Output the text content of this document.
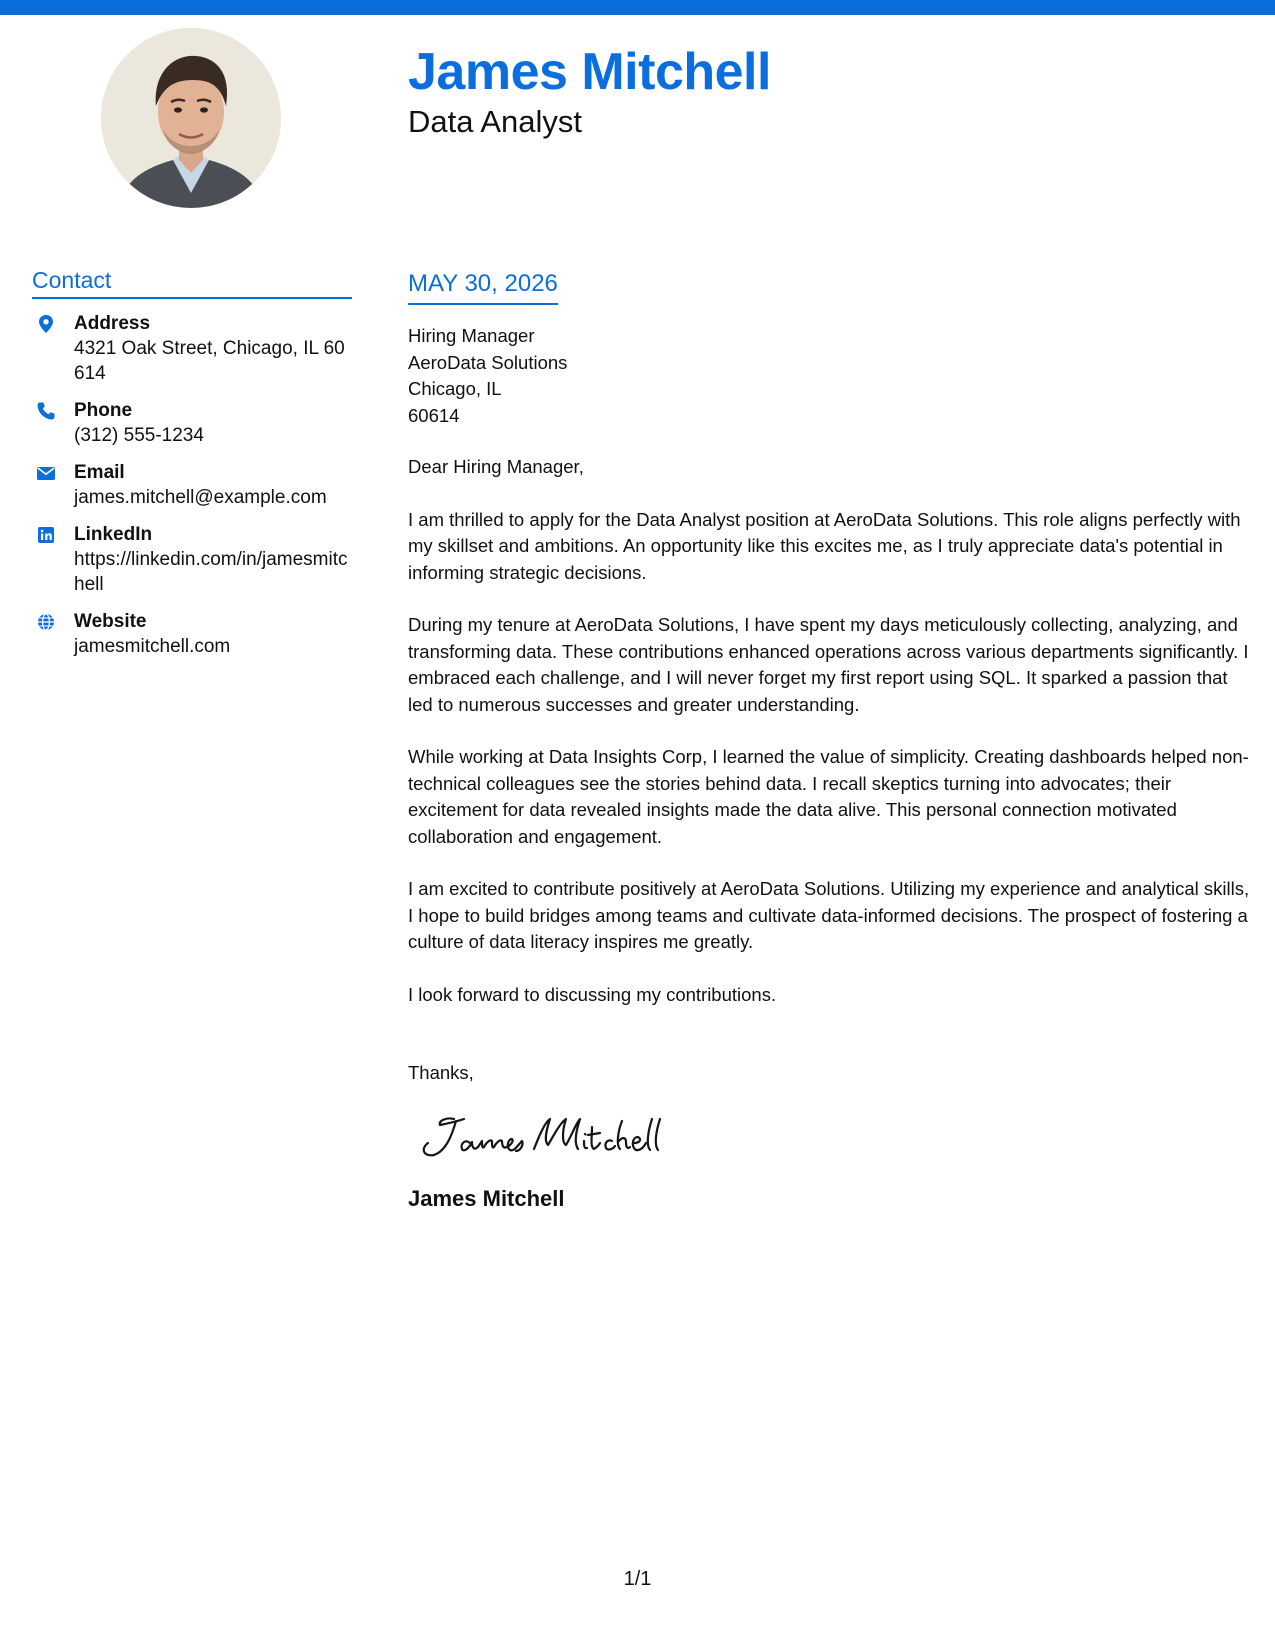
James Mitchell
Data Analyst
Contact
Address
4321 Oak Street, Chicago, IL 60614
Phone
(312) 555-1234
Email
james.mitchell@example.com
LinkedIn
https://linkedin.com/in/jamesmitchell
Website
jamesmitchell.com
MAY 30, 2026
Hiring Manager
AeroData Solutions
Chicago, IL
60614
Dear Hiring Manager,

I am thrilled to apply for the Data Analyst position at AeroData Solutions. This role aligns perfectly with my skillset and ambitions. An opportunity like this excites me, as I truly appreciate data's potential in informing strategic decisions.

During my tenure at AeroData Solutions, I have spent my days meticulously collecting, analyzing, and transforming data. These contributions enhanced operations across various departments significantly. I embraced each challenge, and I will never forget my first report using SQL. It sparked a passion that led to numerous successes and greater understanding.

While working at Data Insights Corp, I learned the value of simplicity. Creating dashboards helped non-technical colleagues see the stories behind data. I recall skeptics turning into advocates; their excitement for data revealed insights made the data alive. This personal connection motivated collaboration and engagement.

I am excited to contribute positively at AeroData Solutions. Utilizing my experience and analytical skills, I hope to build bridges among teams and cultivate data-informed decisions. The prospect of fostering a culture of data literacy inspires me greatly.

I look forward to discussing my contributions.
Thanks,
James Mitchell
1/1
